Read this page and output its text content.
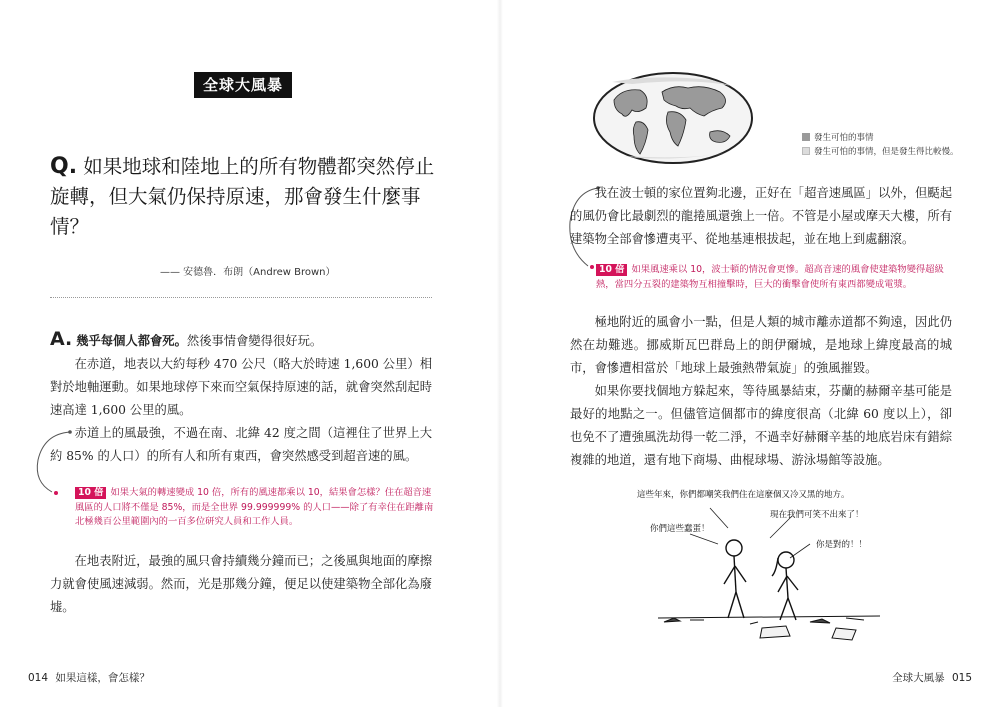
全球大風暴
Q. 如果地球和陸地上的所有物體都突然停止旋轉，但大氣仍保持原速，那會發生什麼事情？
—— 安德魯．布朗（Andrew Brown）

A. 幾乎每個人都會死。然後事情會變得很好玩。

在赤道，地表以大約每秒 470 公尺（略大於時速 1,600 公里）相對於地軸運動。如果地球停下來而空氣保持原速的話，就會突然刮起時速高達 1,600 公里的風。

赤道上的風最強，不過在南、北緯 42 度之間（這裡住了世界上大約 85% 的人口）的所有人和所有東西，會突然感受到超音速的風。

10 倍 如果大氣的轉速變成 10 倍，所有的風速都乘以 10，結果會怎樣？住在超音速風區的人口將不僅是 85%，而是全世界 99.999999% 的人口——除了有幸住在距離南北極幾百公里範圍內的一百多位研究人員和工作人員。

在地表附近，最強的風只會持續幾分鐘而已；之後風與地面的摩擦力就會使風速減弱。然而，光是那幾分鐘，便足以使建築物全部化為廢墟。

014 如果這樣，會怎樣？
發生可怕的事情
發生可怕的事情，但是發生得比較慢。

我在波士頓的家位置夠北邊，正好在「超音速風區」以外，但颳起的風仍會比最劇烈的龍捲風還強上一倍。不管是小屋或摩天大樓，所有建築物全部會慘遭夷平、從地基連根拔起，並在地上到處翻滾。

10 倍 如果風速乘以 10，波士頓的情況會更慘。超高音速的風會使建築物變得超級熱，當四分五裂的建築物互相撞擊時，巨大的衝擊會使所有東西都變成電漿。

極地附近的風會小一點，但是人類的城市離赤道都不夠遠，因此仍然在劫難逃。挪威斯瓦巴群島上的朗伊爾城，是地球上緯度最高的城市，會慘遭相當於「地球上最強熱帶氣旋」的強風摧毀。

如果你要找個地方躲起來，等待風暴結束，芬蘭的赫爾辛基可能是最好的地點之一。但儘管這個都市的緯度很高（北緯 60 度以上），卻也免不了遭強風洗劫得一乾二淨，不過幸好赫爾辛基的地底岩床有錯綜複雜的地道，還有地下商場、曲棍球場、游泳場館等設施。

這些年來，你們都嘲笑我們住在這麼個又冷又黑的地方。
現在我們可笑不出來了！
你們這些蠢蛋！
你是對的！！
全球大風暴 015
